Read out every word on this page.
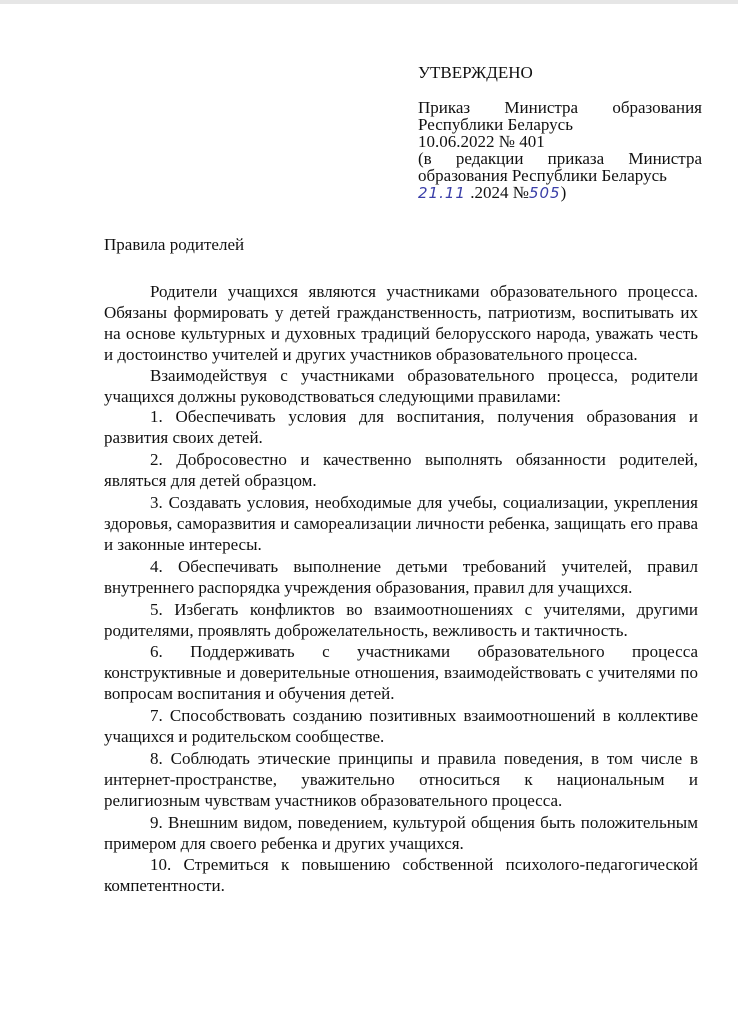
УТВЕРЖДЕНО
Приказ Министра образования
Республики Беларусь
10.06.2022 № 401
(в редакции приказа Министра
образования Республики Беларусь
21.11 .2024 №505)
Правила родителей

Родители учащихся являются участниками образовательного процесса. Обязаны формировать у детей гражданственность, патриотизм, воспитывать их на основе культурных и духовных традиций белорусского народа, уважать честь и достоинство учителей и других участников образовательного процесса.

Взаимодействуя с участниками образовательного процесса, родители учащихся должны руководствоваться следующими правилами:

1. Обеспечивать условия для воспитания, получения образования и развития своих детей.

2. Добросовестно и качественно выполнять обязанности родителей, являться для детей образцом.

3. Создавать условия, необходимые для учебы, социализации, укрепления здоровья, саморазвития и самореализации личности ребенка, защищать его права и законные интересы.

4. Обеспечивать выполнение детьми требований учителей, правил внутреннего распорядка учреждения образования, правил для учащихся.

5. Избегать конфликтов во взаимоотношениях с учителями, другими родителями, проявлять доброжелательность, вежливость и тактичность.

6. Поддерживать с участниками образовательного процесса конструктивные и доверительные отношения, взаимодействовать с учителями по вопросам воспитания и обучения детей.

7. Способствовать созданию позитивных взаимоотношений в коллективе учащихся и родительском сообществе.

8. Соблюдать этические принципы и правила поведения, в том числе в интернет-пространстве, уважительно относиться к национальным и религиозным чувствам участников образовательного процесса.

9. Внешним видом, поведением, культурой общения быть положительным примером для своего ребенка и других учащихся.

10. Стремиться к повышению собственной психолого-педагогической компетентности.
